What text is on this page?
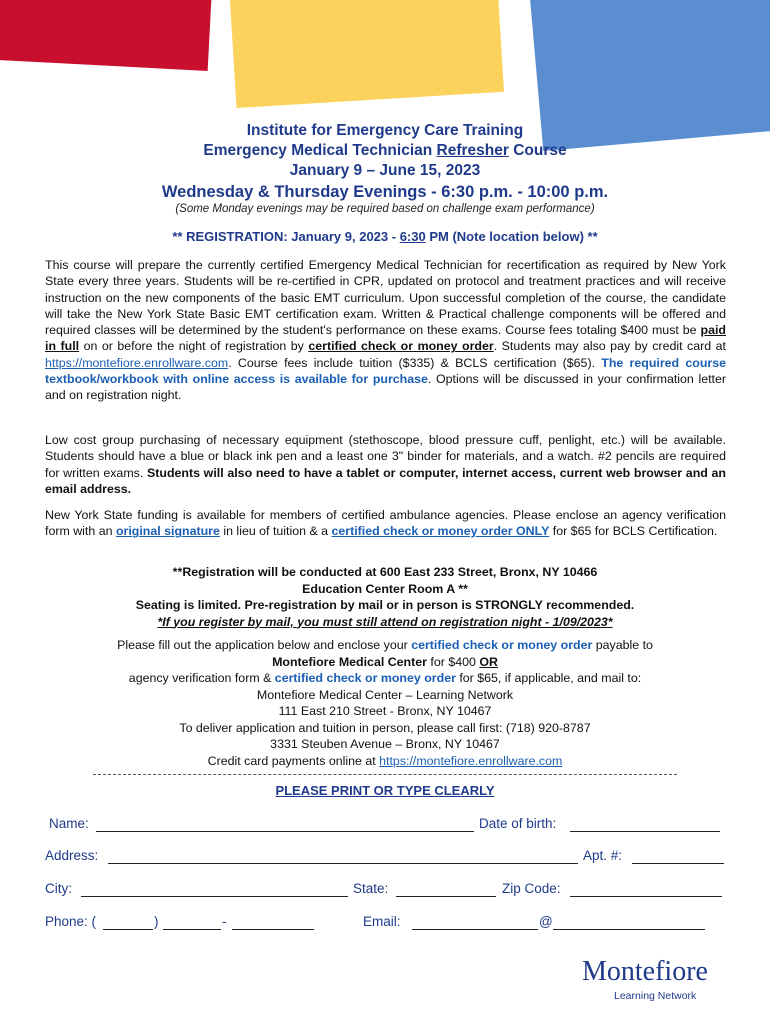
Institute for Emergency Care Training
Emergency Medical Technician Refresher Course
January 9 – June 15, 2023
Wednesday & Thursday Evenings - 6:30 p.m. - 10:00 p.m.
(Some Monday evenings may be required based on challenge exam performance)
** REGISTRATION: January 9, 2023 - 6:30 PM (Note location below) **
This course will prepare the currently certified Emergency Medical Technician for recertification as required by New York State every three years. Students will be re-certified in CPR, updated on protocol and treatment practices and will receive instruction on the new components of the basic EMT curriculum. Upon successful completion of the course, the candidate will take the New York State Basic EMT certification exam. Written & Practical challenge components will be offered and required classes will be determined by the student's performance on these exams. Course fees totaling $400 must be paid in full on or before the night of registration by certified check or money order. Students may also pay by credit card at https://montefiore.enrollware.com. Course fees include tuition ($335) & BCLS certification ($65). The required course textbook/workbook with online access is available for purchase. Options will be discussed in your confirmation letter and on registration night.
Low cost group purchasing of necessary equipment (stethoscope, blood pressure cuff, penlight, etc.) will be available. Students should have a blue or black ink pen and a least one 3" binder for materials, and a watch. #2 pencils are required for written exams. Students will also need to have a tablet or computer, internet access, current web browser and an email address.
New York State funding is available for members of certified ambulance agencies. Please enclose an agency verification form with an original signature in lieu of tuition & a certified check or money order ONLY for $65 for BCLS Certification.
**Registration will be conducted at 600 East 233 Street, Bronx, NY 10466
Education Center Room A **
Seating is limited. Pre-registration by mail or in person is STRONGLY recommended.
*If you register by mail, you must still attend on registration night - 1/09/2023*
Please fill out the application below and enclose your certified check or money order payable to
Montefiore Medical Center for $400 OR
agency verification form & certified check or money order for $65, if applicable, and mail to:
Montefiore Medical Center – Learning Network
111 East 210 Street - Bronx, NY 10467
To deliver application and tuition in person, please call first: (718) 920-8787
3331 Steuben Avenue – Bronx, NY 10467
Credit card payments online at https://montefiore.enrollware.com
PLEASE PRINT OR TYPE CLEARLY
Name:	Date of birth:
Address:	Apt. #:
City:	State:	Zip Code:
Phone: (	)	-	Email:	@
Montefiore
Learning Network
